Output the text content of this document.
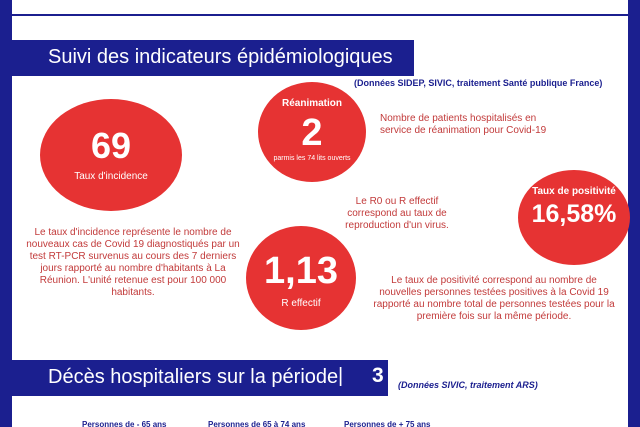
Suivi des indicateurs épidémiologiques
(Données SIDEP, SIVIC, traitement Santé publique France)
69
Taux d'incidence
Réanimation
2
parmis les 74 lits ouverts
Nombre de patients hospitalisés en service de réanimation pour Covid-19
Le R0 ou R effectif correspond au taux de reproduction d'un virus.
Taux de positivité
16,58%
Le taux d'incidence représente le nombre de nouveaux cas de Covid 19 diagnostiqués par un test RT-PCR survenus au cours des 7 derniers jours rapporté au nombre d'habitants à La Réunion. L'unité retenue est pour 100 000 habitants.
1,13
R effectif
Le taux de positivité correspond au nombre de nouvelles personnes testées positives à la Covid 19 rapporté au nombre total de personnes testées pour la première fois sur la même période.
Décès hospitaliers sur la période | 3 (Données SIVIC, traitement ARS)
Personnes de - 65 ans	Personnes de 65 à 74 ans	Personnes de + 75 ans
